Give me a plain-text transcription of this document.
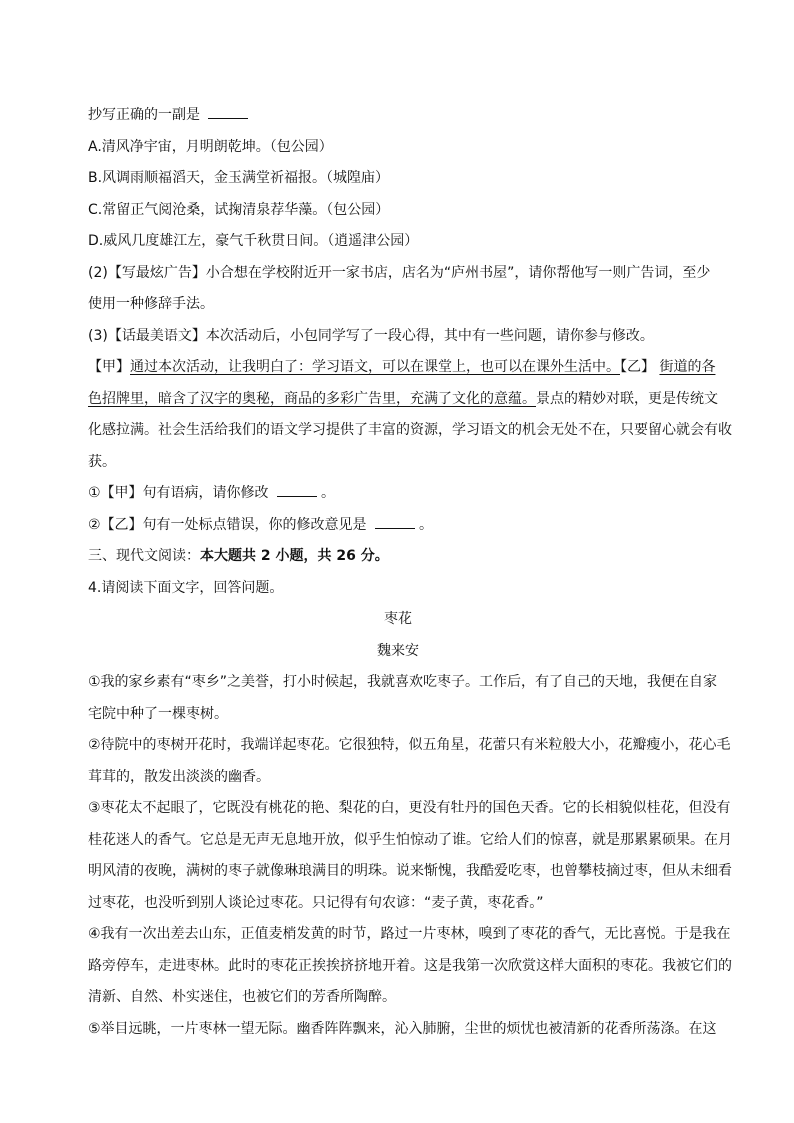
抄写正确的一副是

A.清风净宇宙，月明朗乾坤。（包公园）

B.风调雨顺福滔天，金玉满堂祈福报。（城隍庙）

C.常留正气阅沧桑，试掬清泉荐华藻。（包公园）

D.威风几度雄江左，豪气千秋贯日间。（逍遥津公园）

(2)【写最炫广告】小合想在学校附近开一家书店，店名为“庐州书屋”，请你帮他写一则广告词，至少

使用一种修辞手法。

(3)【话最美语文】本次活动后，小包同学写了一段心得，其中有一些问题，请你参与修改。

【甲】通过本次活动，让我明白了：学习语文，可以在课堂上，也可以在课外生活中。【乙】 街道的各

色招牌里，暗含了汉字的奥秘，商品的多彩广告里，充满了文化的意蕴。景点的精妙对联，更是传统文

化感拉满。社会生活给我们的语文学习提供了丰富的资源，学习语文的机会无处不在，只要留心就会有收

获。

①【甲】句有语病，请你修改	。

②【乙】句有一处标点错误，你的修改意见是	。

三、现代文阅读：本大题共 2 小题，共 26 分。

4.请阅读下面文字，回答问题。

枣花

魏来安

①我的家乡素有“枣乡”之美誉，打小时候起，我就喜欢吃枣子。工作后，有了自己的天地，我便在自家

宅院中种了一棵枣树。

②待院中的枣树开花时，我端详起枣花。它很独特，似五角星，花蕾只有米粒般大小，花瓣瘦小，花心毛

茸茸的，散发出淡淡的幽香。

③枣花太不起眼了，它既没有桃花的艳、梨花的白，更没有牡丹的国色天香。它的长相貌似桂花，但没有

桂花迷人的香气。它总是无声无息地开放，似乎生怕惊动了谁。它给人们的惊喜，就是那累累硕果。在月

明风清的夜晚，满树的枣子就像琳琅满目的明珠。说来惭愧，我酷爱吃枣，也曾攀枝摘过枣，但从未细看

过枣花，也没听到别人谈论过枣花。只记得有句农谚：“麦子黄，枣花香。”

④我有一次出差去山东，正值麦梢发黄的时节，路过一片枣林，嗅到了枣花的香气，无比喜悦。于是我在

路旁停车，走进枣林。此时的枣花正挨挨挤挤地开着。这是我第一次欣赏这样大面积的枣花。我被它们的

清新、自然、朴实迷住，也被它们的芳香所陶醉。

⑤举目远眺，一片枣林一望无际。幽香阵阵飘来，沁入肺腑，尘世的烦忧也被清新的花香所荡涤。在这
